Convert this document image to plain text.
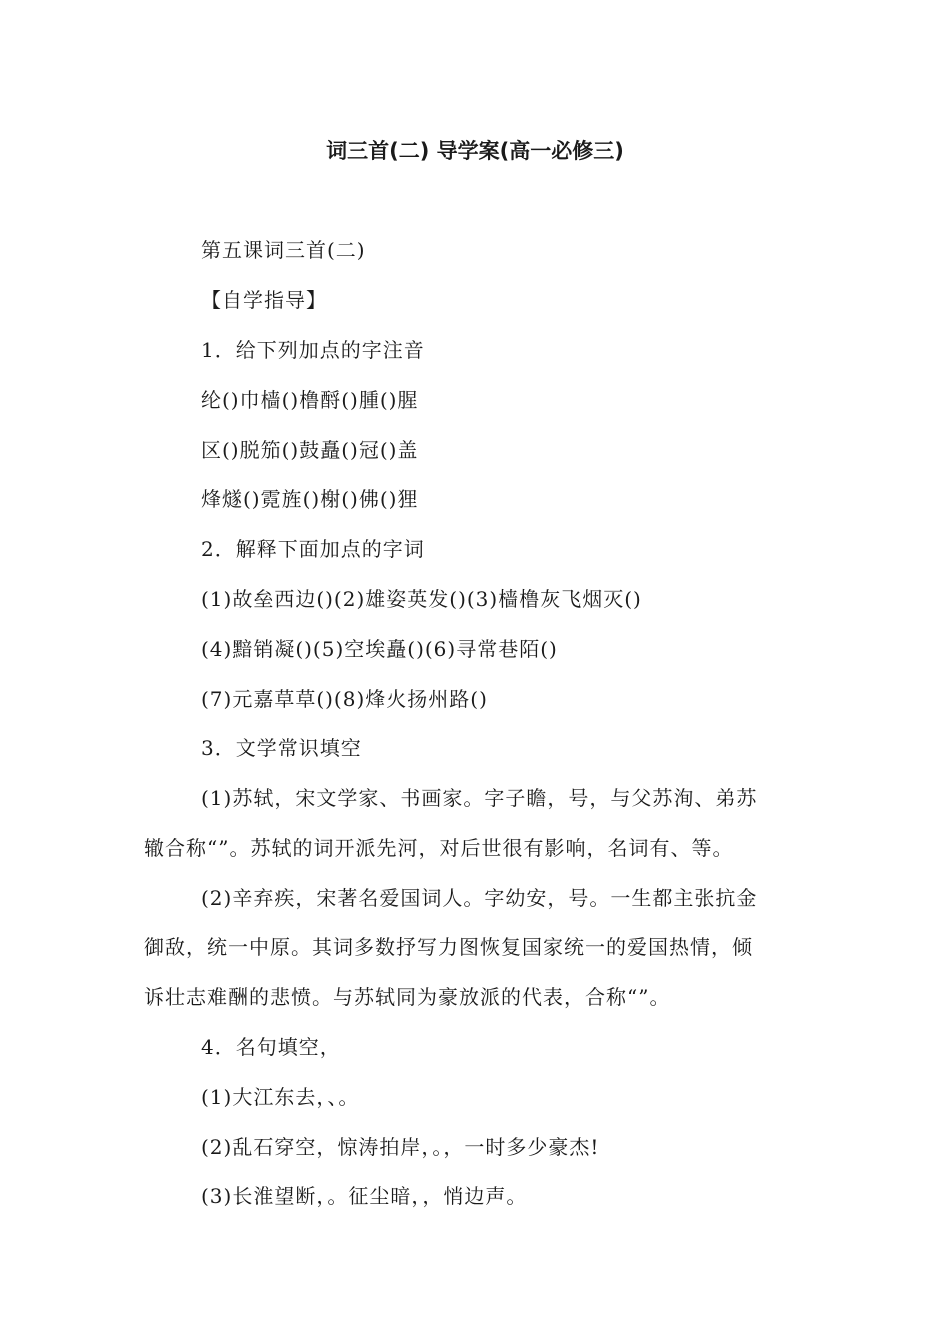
词三首(二) 导学案(高一必修三)

第五课词三首(二)

【自学指导】

1．给下列加点的字注音

纶()巾樯()橹酹()腫()腥

区()脱笳()鼓矗()冠()盖

烽燧()霓旌()榭()佛()狸

2．解释下面加点的字词

(1)故垒西边()(2)雄姿英发()(3)樯橹灰飞烟灭()

(4)黯销凝()(5)空埃矗()(6)寻常巷陌()

(7)元嘉草草()(8)烽火扬州路()

3．文学常识填空

(1)苏轼，宋文学家、书画家。字子瞻，号，与父苏洵、弟苏

辙合称“”。苏轼的词开派先河，对后世很有影响，名词有、等。

(2)辛弃疾，宋著名爱国词人。字幼安，号。一生都主张抗金

御敌，统一中原。其词多数抒写力图恢复国家统一的爱国热情，倾

诉壮志难酬的悲愤。与苏轼同为豪放派的代表，合称“”。

4．名句填空，

(1)大江东去，、。

(2)乱石穿空，惊涛拍岸，。，一时多少豪杰!

(3)长淮望断，。征尘暗，，悄边声。
